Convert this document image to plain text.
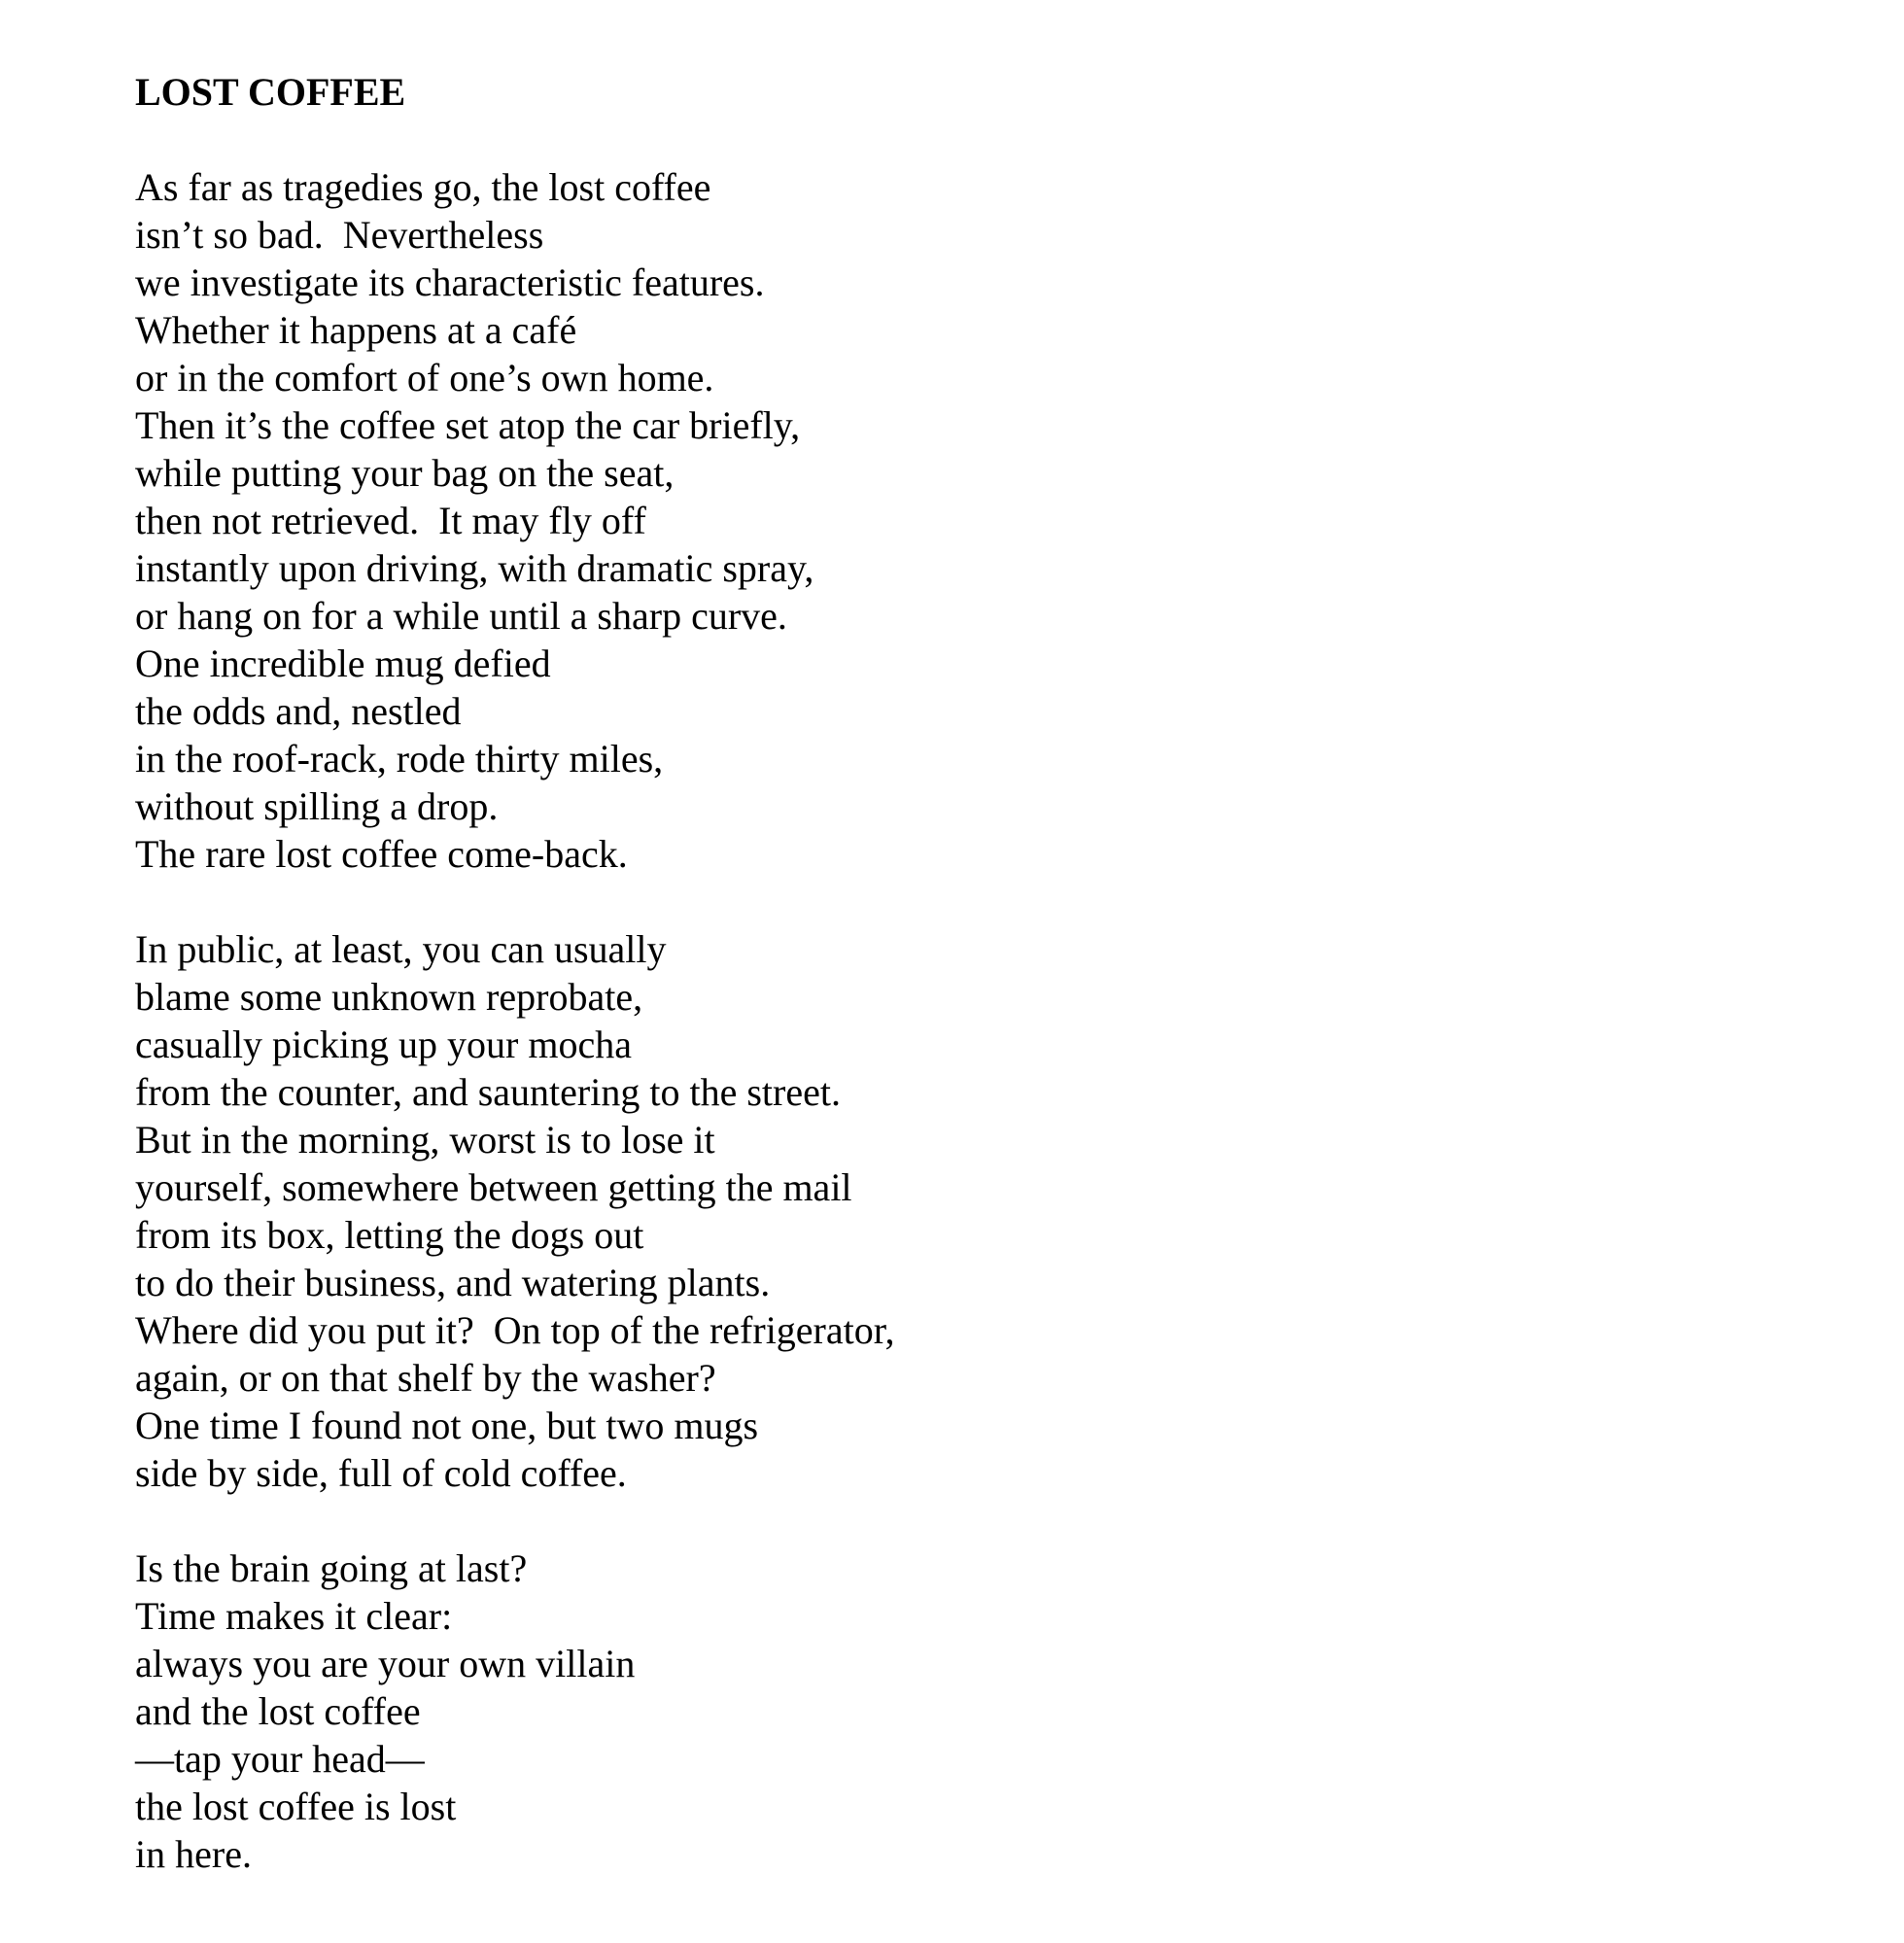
LOST COFFEE
As far as tragedies go, the lost coffee
isn’t so bad.  Nevertheless
we investigate its characteristic features.
Whether it happens at a café
or in the comfort of one’s own home.
Then it’s the coffee set atop the car briefly,
while putting your bag on the seat,
then not retrieved.  It may fly off
instantly upon driving, with dramatic spray,
or hang on for a while until a sharp curve.
One incredible mug defied
the odds and, nestled
in the roof-rack, rode thirty miles,
without spilling a drop.
The rare lost coffee come-back.
In public, at least, you can usually
blame some unknown reprobate,
casually picking up your mocha
from the counter, and sauntering to the street.
But in the morning, worst is to lose it
yourself, somewhere between getting the mail
from its box, letting the dogs out
to do their business, and watering plants.
Where did you put it?  On top of the refrigerator,
again, or on that shelf by the washer?
One time I found not one, but two mugs
side by side, full of cold coffee.
Is the brain going at last?
Time makes it clear:
always you are your own villain
and the lost coffee
—tap your head—
the lost coffee is lost
in here.
